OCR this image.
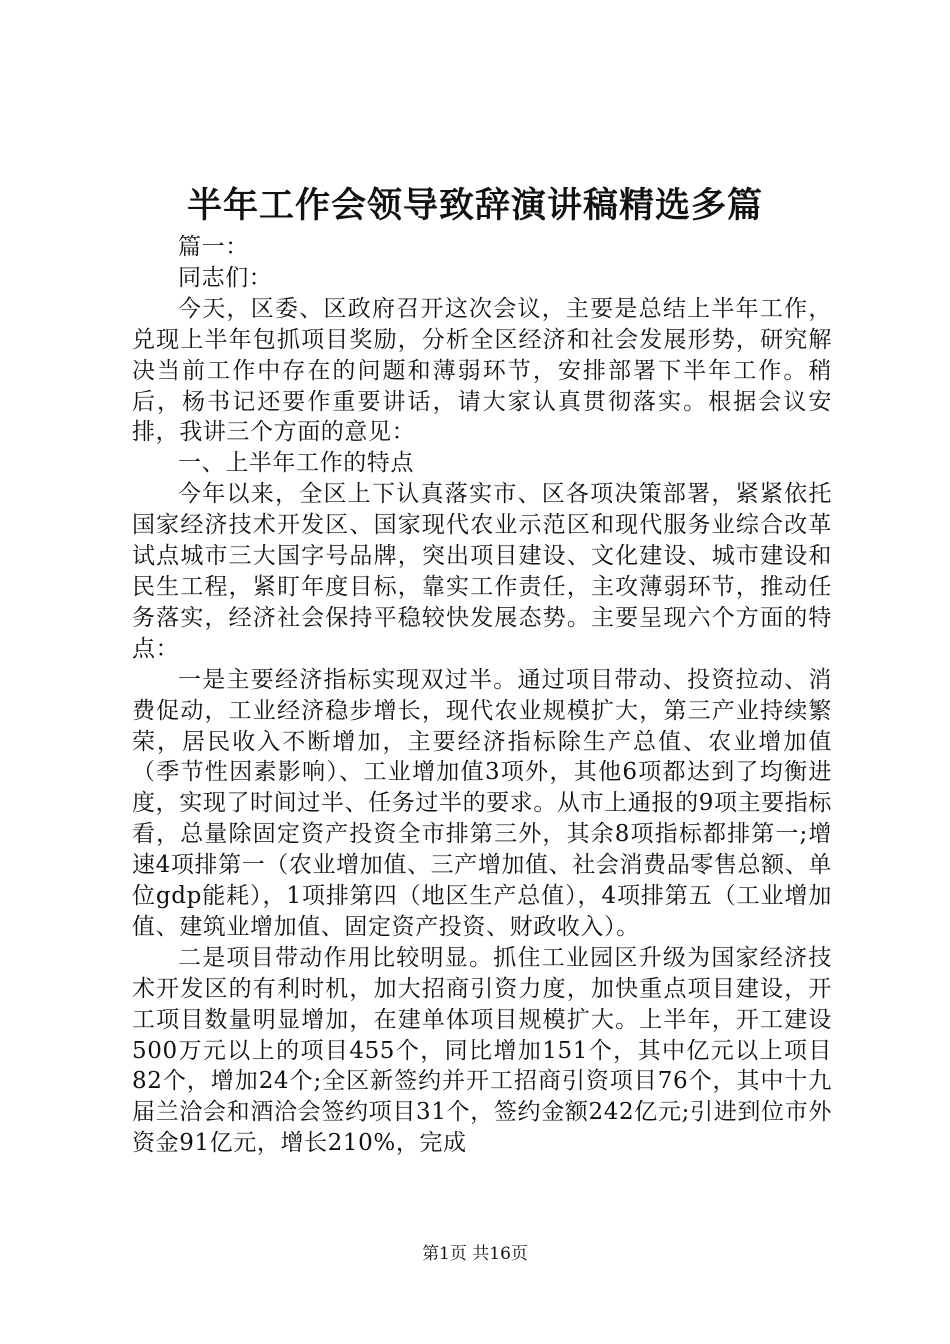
半年工作会领导致辞演讲稿精选多篇

篇一：

同志们：

今天，区委、区政府召开这次会议，主要是总结上半年工作，兑现上半年包抓项目奖励，分析全区经济和社会发展形势，研究解决当前工作中存在的问题和薄弱环节，安排部署下半年工作。稍后，杨书记还要作重要讲话，请大家认真贯彻落实。根据会议安排，我讲三个方面的意见：

一、上半年工作的特点

今年以来，全区上下认真落实市、区各项决策部署，紧紧依托国家经济技术开发区、国家现代农业示范区和现代服务业综合改革试点城市三大国字号品牌，突出项目建设、文化建设、城市建设和民生工程，紧盯年度目标，靠实工作责任，主攻薄弱环节，推动任务落实，经济社会保持平稳较快发展态势。主要呈现六个方面的特点：

一是主要经济指标实现双过半。通过项目带动、投资拉动、消费促动，工业经济稳步增长，现代农业规模扩大，第三产业持续繁荣，居民收入不断增加，主要经济指标除生产总值、农业增加值（季节性因素影响）、工业增加值3项外，其他6项都达到了均衡进度，实现了时间过半、任务过半的要求。从市上通报的9项主要指标看，总量除固定资产投资全市排第三外，其余8项指标都排第一;增速4项排第一（农业增加值、三产增加值、社会消费品零售总额、单位gdp能耗），1项排第四（地区生产总值），4项排第五（工业增加值、建筑业增加值、固定资产投资、财政收入）。

二是项目带动作用比较明显。抓住工业园区升级为国家经济技术开发区的有利时机，加大招商引资力度，加快重点项目建设，开工项目数量明显增加，在建单体项目规模扩大。上半年，开工建设500万元以上的项目455个，同比增加151个，其中亿元以上项目82个，增加24个;全区新签约并开工招商引资项目76个，其中十九届兰洽会和酒洽会签约项目31个，签约金额242亿元;引进到位市外资金91亿元，增长210%，完成

第1页 共16页
